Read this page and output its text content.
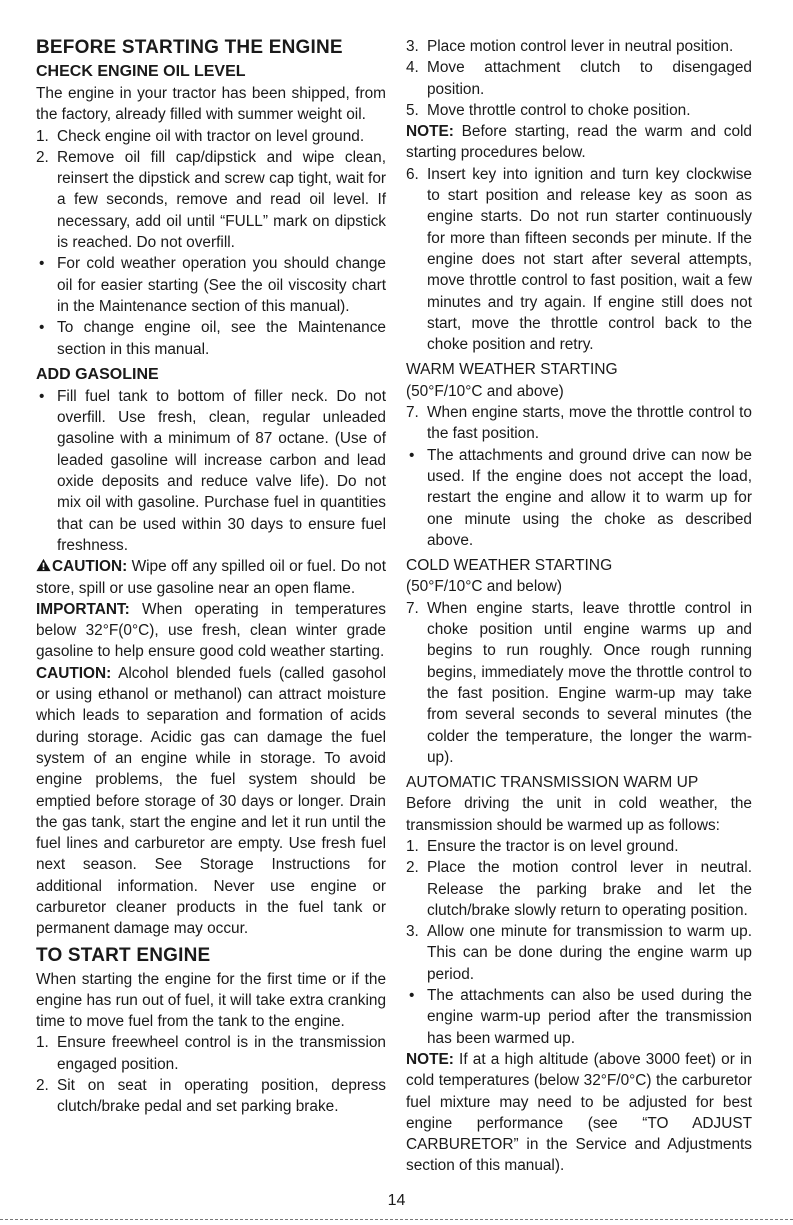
BEFORE STARTING THE ENGINE
CHECK ENGINE OIL LEVEL

The engine in your tractor has been shipped, from the factory, already filled with summer weight oil.

1. Check engine oil with tractor on level ground.
2. Remove oil fill cap/dipstick and wipe clean, reinsert the dipstick and screw cap tight, wait for a few seconds, remove and read oil level. If necessary, add oil until “FULL” mark on dipstick is reached. Do not overfill.
• For cold weather operation you should change oil for easier starting (See the oil viscosity chart in the Maintenance section of this manual).
• To change engine oil, see the Maintenance section in this manual.
ADD GASOLINE
• Fill fuel tank to bottom of filler neck. Do not overfill. Use fresh, clean, regular unleaded gasoline with a minimum of 87 octane. (Use of leaded gasoline will increase carbon and lead oxide deposits and reduce valve life). Do not mix oil with gasoline. Purchase fuel in quantities that can be used within 30 days to ensure fuel freshness.

CAUTION: Wipe off any spilled oil or fuel. Do not store, spill or use gasoline near an open flame.

IMPORTANT: When operating in temperatures below 32°F(0°C), use fresh, clean winter grade gasoline to help ensure good cold weather starting.

CAUTION: Alcohol blended fuels (called gasohol or using ethanol or methanol) can attract moisture which leads to separation and formation of acids during storage. Acidic gas can damage the fuel system of an engine while in storage. To avoid engine problems, the fuel system should be emptied before storage of 30 days or longer. Drain the gas tank, start the engine and let it run until the fuel lines and carburetor are empty. Use fresh fuel next season. See Storage Instructions for additional information. Never use engine or carburetor cleaner products in the fuel tank or permanent damage may occur.

TO START ENGINE

When starting the engine for the first time or if the engine has run out of fuel, it will take extra cranking time to move fuel from the tank to the engine.

1. Ensure freewheel control is in the transmission engaged position.
2. Sit on seat in operating position, depress clutch/brake pedal and set parking brake.
3. Place motion control lever in neutral position.
4. Move attachment clutch to disengaged position.
5. Move throttle control to choke position.

NOTE: Before starting, read the warm and cold starting procedures below.

6. Insert key into ignition and turn key clockwise to start position and release key as soon as engine starts. Do not run starter continuously for more than fifteen seconds per minute. If the engine does not start after several attempts, move throttle control to fast position, wait a few minutes and try again. If engine still does not start, move the throttle control back to the choke position and retry.
WARM WEATHER STARTING

(50°F/10°C and above)

7. When engine starts, move the throttle control to the fast position.
• The attachments and ground drive can now be used. If the engine does not accept the load, restart the engine and allow it to warm up for one minute using the choke as described above.
COLD WEATHER STARTING

(50°F/10°C and below)

7. When engine starts, leave throttle control in choke position until engine warms up and begins to run roughly. Once rough running begins, immediately move the throttle control to the fast position. Engine warm-up may take from several seconds to several minutes (the colder the temperature, the longer the warm-up).
AUTOMATIC TRANSMISSION WARM UP

Before driving the unit in cold weather, the transmission should be warmed up as follows:

1. Ensure the tractor is on level ground.
2. Place the motion control lever in neutral. Release the parking brake and let the clutch/brake slowly return to operating position.
3. Allow one minute for transmission to warm up. This can be done during the engine warm up period.
• The attachments can also be used during the engine warm-up period after the transmission has been warmed up.

NOTE: If at a high altitude (above 3000 feet) or in cold temperatures (below 32°F/0°C) the carburetor fuel mixture may need to be adjusted for best engine performance (see “TO ADJUST CARBURETOR” in the Service and Adjustments section of this manual).

14
